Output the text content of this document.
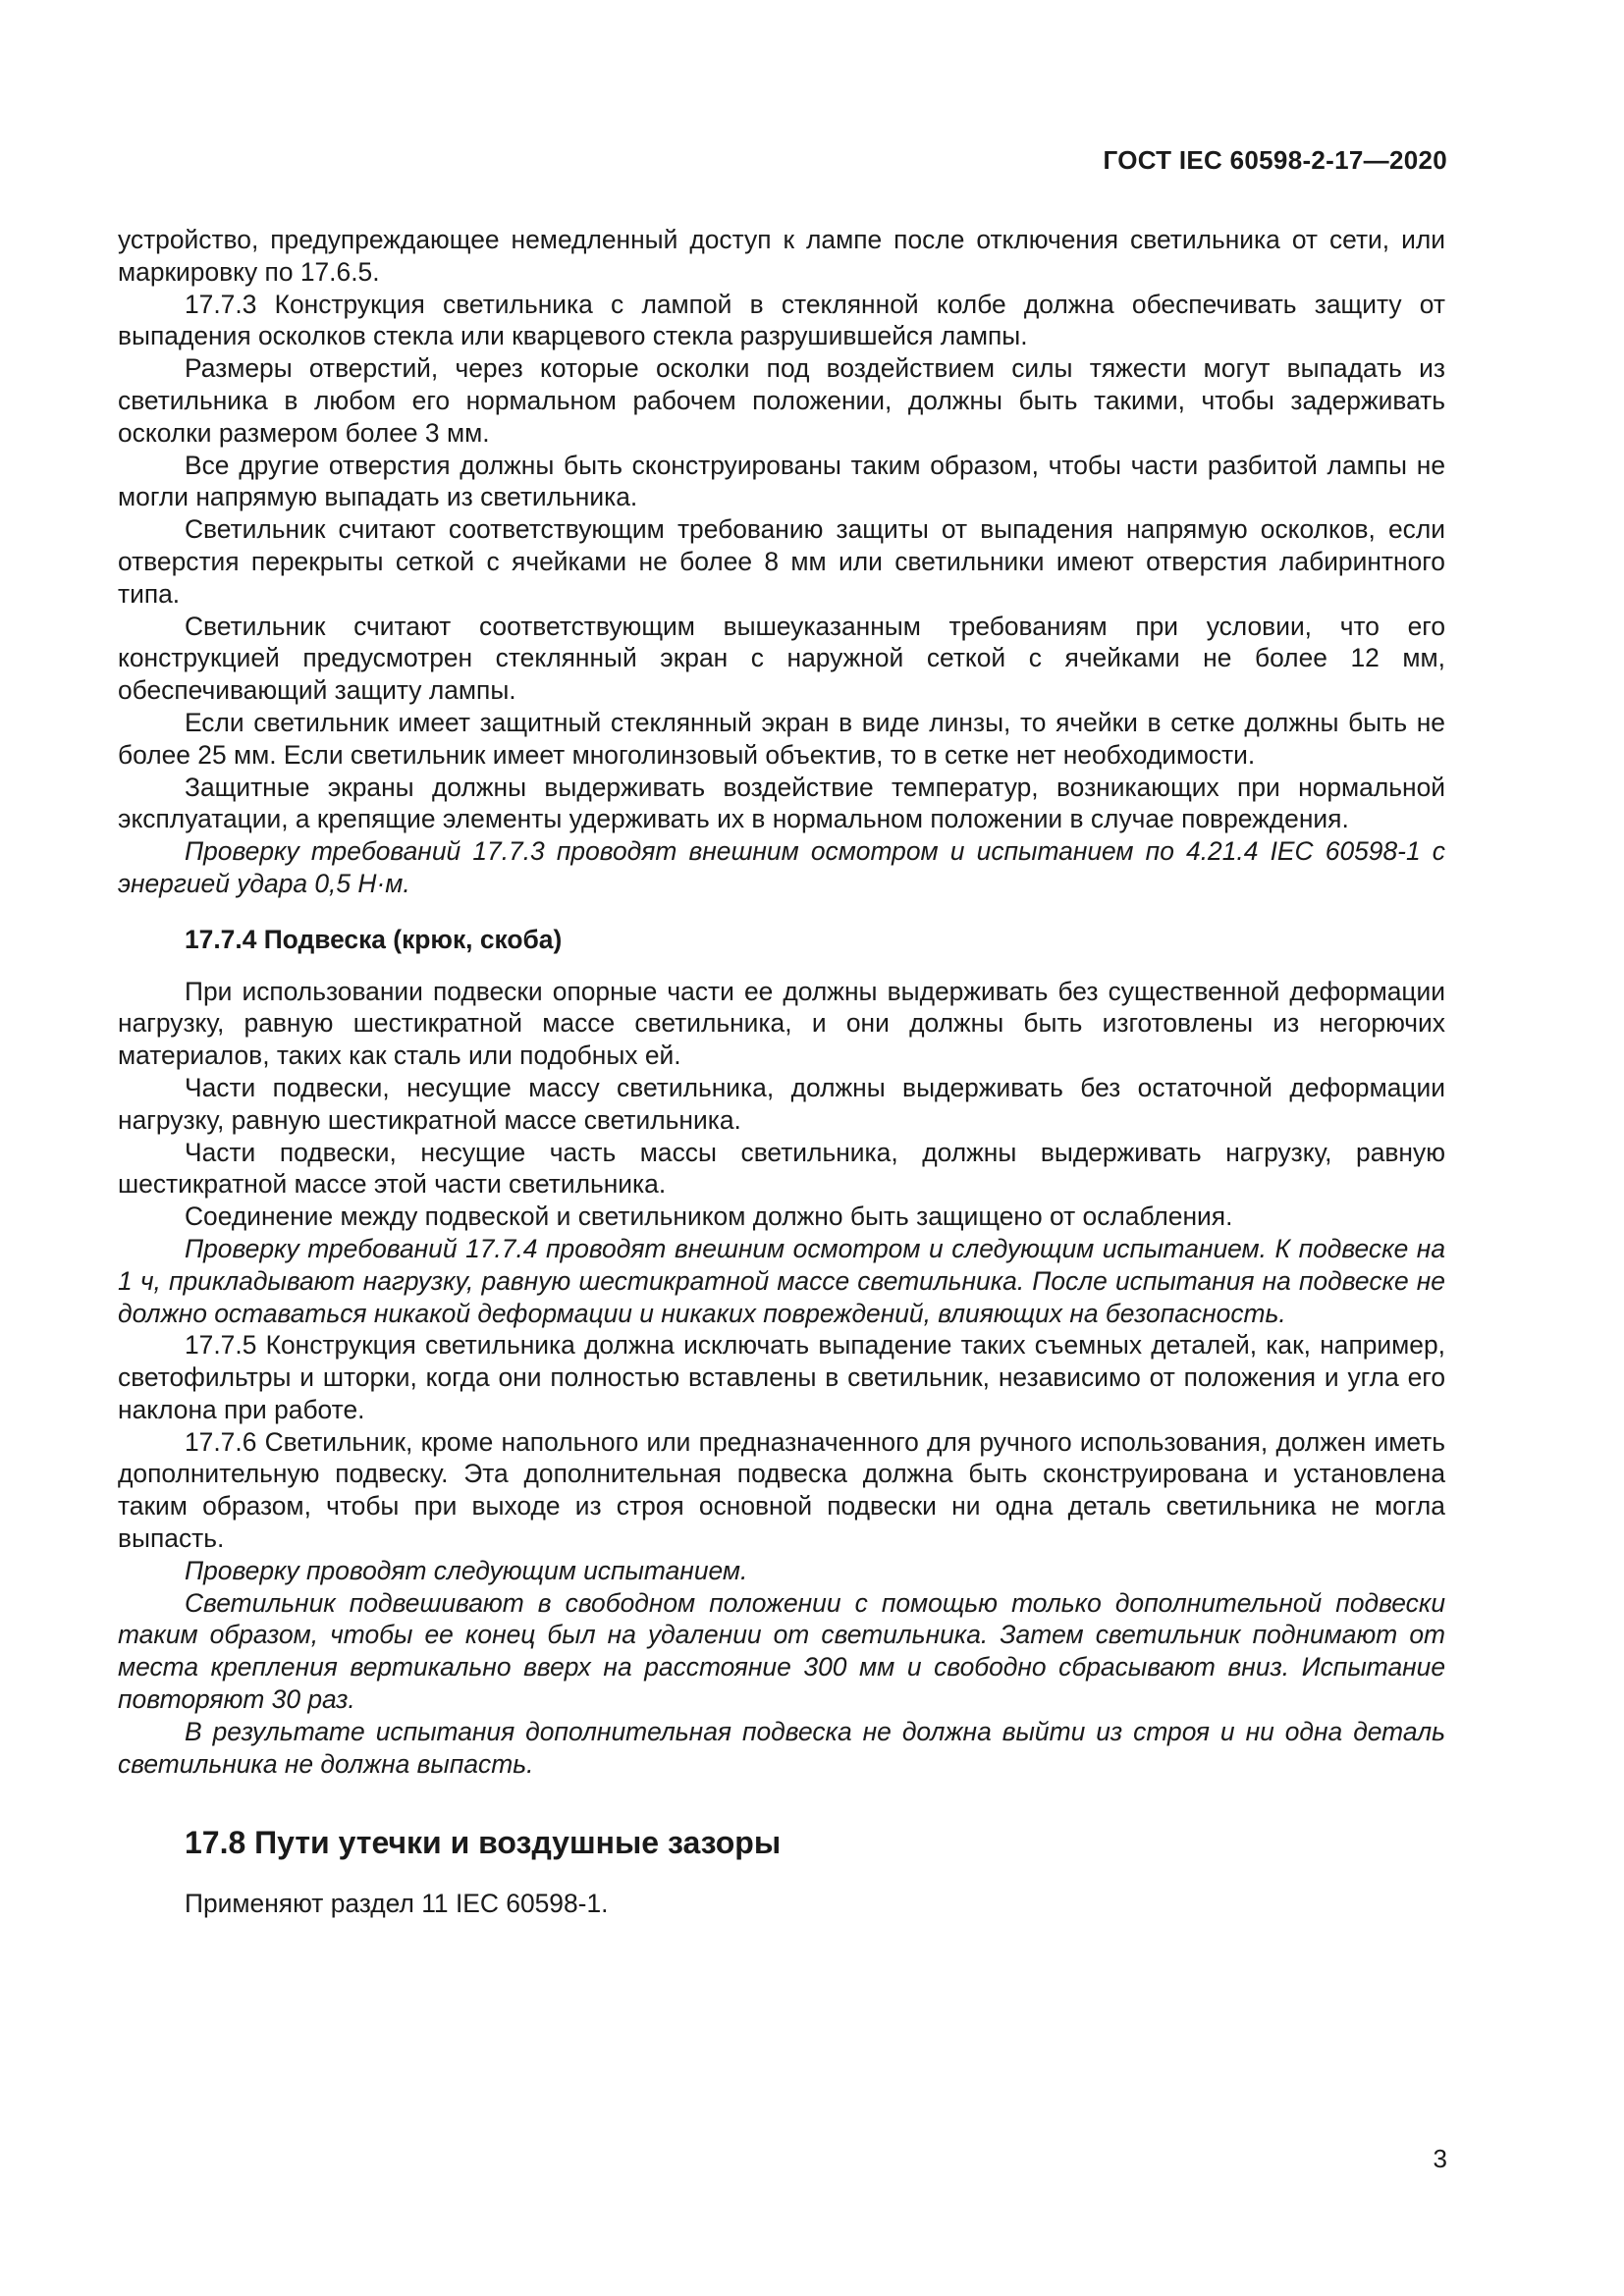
ГОСТ IEC 60598-2-17—2020

устройство, предупреждающее немедленный доступ к лампе после отключения светильника от сети, или маркировку по 17.6.5.

17.7.3 Конструкция светильника с лампой в стеклянной колбе должна обеспечивать защиту от выпадения осколков стекла или кварцевого стекла разрушившейся лампы.

Размеры отверстий, через которые осколки под воздействием силы тяжести могут выпадать из светильника в любом его нормальном рабочем положении, должны быть такими, чтобы задерживать осколки размером более 3 мм.

Все другие отверстия должны быть сконструированы таким образом, чтобы части разбитой лампы не могли напрямую выпадать из светильника.

Светильник считают соответствующим требованию защиты от выпадения напрямую осколков, если отверстия перекрыты сеткой с ячейками не более 8 мм или светильники имеют отверстия лабиринтного типа.

Светильник считают соответствующим вышеуказанным требованиям при условии, что его конструкцией предусмотрен стеклянный экран с наружной сеткой с ячейками не более 12 мм, обеспечивающий защиту лампы.

Если светильник имеет защитный стеклянный экран в виде линзы, то ячейки в сетке должны быть не более 25 мм. Если светильник имеет многолинзовый объектив, то в сетке нет необходимости.

Защитные экраны должны выдерживать воздействие температур, возникающих при нормальной эксплуатации, а крепящие элементы удерживать их в нормальном положении в случае повреждения.

Проверку требований 17.7.3 проводят внешним осмотром и испытанием по 4.21.4 IEC 60598-1 с энергией удара 0,5 Н·м.

17.7.4 Подвеска (крюк, скоба)

При использовании подвески опорные части ее должны выдерживать без существенной деформации нагрузку, равную шестикратной массе светильника, и они должны быть изготовлены из негорючих материалов, таких как сталь или подобных ей.

Части подвески, несущие массу светильника, должны выдерживать без остаточной деформации нагрузку, равную шестикратной массе светильника.

Части подвески, несущие часть массы светильника, должны выдерживать нагрузку, равную шестикратной массе этой части светильника.

Соединение между подвеской и светильником должно быть защищено от ослабления.

Проверку требований 17.7.4 проводят внешним осмотром и следующим испытанием. К подвеске на 1 ч, прикладывают нагрузку, равную шестикратной массе светильника. После испытания на подвеске не должно оставаться никакой деформации и никаких повреждений, влияющих на безопасность.

17.7.5 Конструкция светильника должна исключать выпадение таких съемных деталей, как, например, светофильтры и шторки, когда они полностью вставлены в светильник, независимо от положения и угла его наклона при работе.

17.7.6 Светильник, кроме напольного или предназначенного для ручного использования, должен иметь дополнительную подвеску. Эта дополнительная подвеска должна быть сконструирована и установлена таким образом, чтобы при выходе из строя основной подвески ни одна деталь светильника не могла выпасть.

Проверку проводят следующим испытанием.

Светильник подвешивают в свободном положении с помощью только дополнительной подвески таким образом, чтобы ее конец был на удалении от светильника. Затем светильник поднимают от места крепления вертикально вверх на расстояние 300 мм и свободно сбрасывают вниз. Испытание повторяют 30 раз.

В результате испытания дополнительная подвеска не должна выйти из строя и ни одна деталь светильника не должна выпасть.

17.8 Пути утечки и воздушные зазоры

Применяют раздел 11 IEC 60598-1.

3
